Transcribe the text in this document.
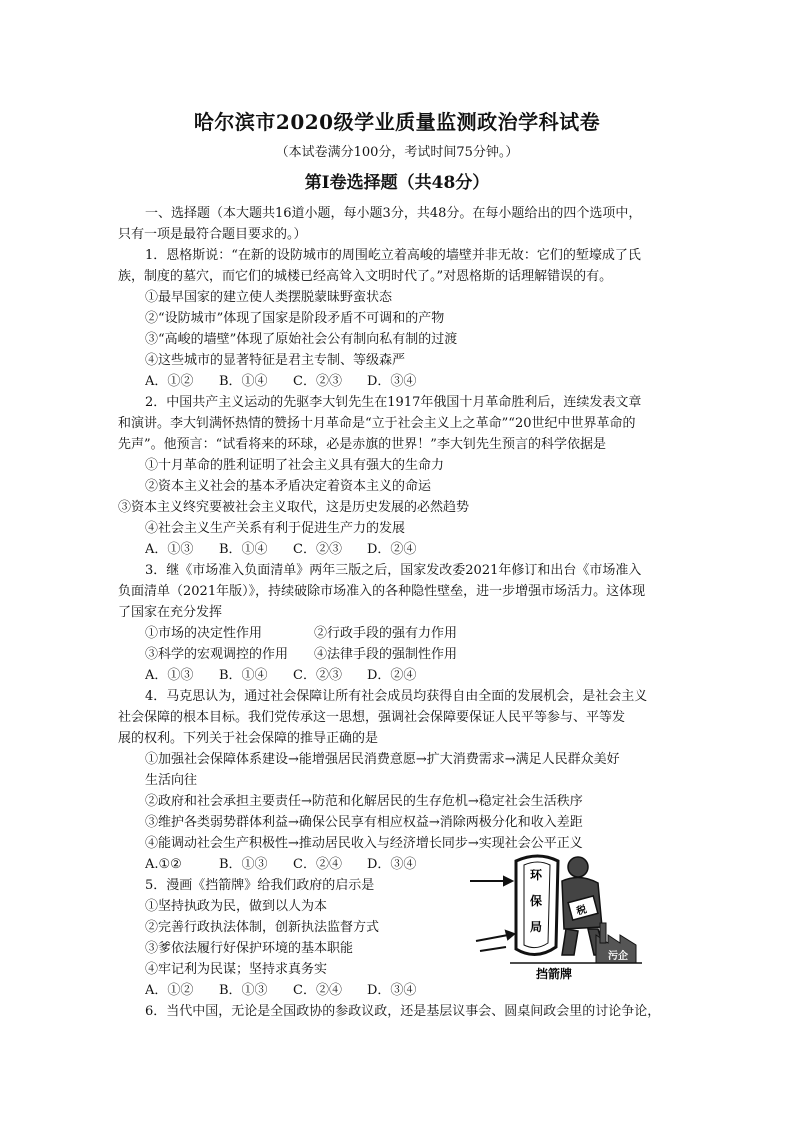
哈尔滨市2020级学业质量监测政治学科试卷
（本试卷满分100分，考试时间75分钟。）
第Ⅰ卷选择题（共48分）
一、选择题（本大题共16道小题，每小题3分，共48分。在每小题给出的四个选项中，
只有一项是最符合题目要求的。）
1．恩格斯说：“在新的设防城市的周围屹立着高峻的墙壁并非无故：它们的堑壕成了氏
族，制度的墓穴，而它们的城楼已经高耸入文明时代了。”对恩格斯的话理解错误的有。
①最早国家的建立使人类摆脱蒙昧野蛮状态
②“设防城市”体现了国家是阶段矛盾不可调和的产物
③“高峻的墙壁”体现了原始社会公有制向私有制的过渡
④这些城市的显著特征是君主专制、等级森严
A．①② B．①④ C．②③ D．③④
2．中国共产主义运动的先驱李大钊先生在1917年俄国十月革命胜利后，连续发表文章
和演讲。李大钊满怀热情的赞扬十月革命是“立于社会主义上之革命”“20世纪中世界革命的
先声”。他预言：“试看将来的环球，必是赤旗的世界！”李大钊先生预言的科学依据是
①十月革命的胜利证明了社会主义具有强大的生命力
②资本主义社会的基本矛盾决定着资本主义的命运
③资本主义终究要被社会主义取代，这是历史发展的必然趋势
④社会主义生产关系有利于促进生产力的发展
A．①③ B．①④ C．②③ D．②④
3．继《市场准入负面清单》两年三版之后，国家发改委2021年修订和出台《市场准入
负面清单（2021年版）》，持续破除市场准入的各种隐性壁垒，进一步增强市场活力。这体现
了国家在充分发挥
①市场的决定性作用　　　　②行政手段的强有力作用
③科学的宏观调控的作用　　④法律手段的强制性作用
A．①③ B．①④ C．②③ D．②④
4．马克思认为，通过社会保障让所有社会成员均获得自由全面的发展机会，是社会主义
社会保障的根本目标。我们党传承这一思想，强调社会保障要保证人民平等参与、平等发
展的权利。下列关于社会保障的推导正确的是
①加强社会保障体系建设→能增强居民消费意愿→扩大消费需求→满足人民群众美好
生活向往
②政府和社会承担主要责任→防范和化解居民的生存危机→稳定社会生活秩序
③维护各类弱势群体利益→确保公民享有相应权益→消除两极分化和收入差距
④能调动社会生产积极性→推动居民收入与经济增长同步→实现社会公平正义
A.①②	B．①③ C．②④ D．③④
5．漫画《挡箭牌》给我们政府的启示是
①坚持执政为民，做到以人为本
②完善行政执法体制，创新执法监督方式
③爹依法履行好保护环境的基本职能
④牢记利为民谋；坚持求真务实
A．①② B．①③ C．②④ D．③④
6．当代中国，无论是全国政协的参政议政，还是基层议事会、圆桌间政会里的讨论争论，
环
保
局
税
污企
挡箭牌
